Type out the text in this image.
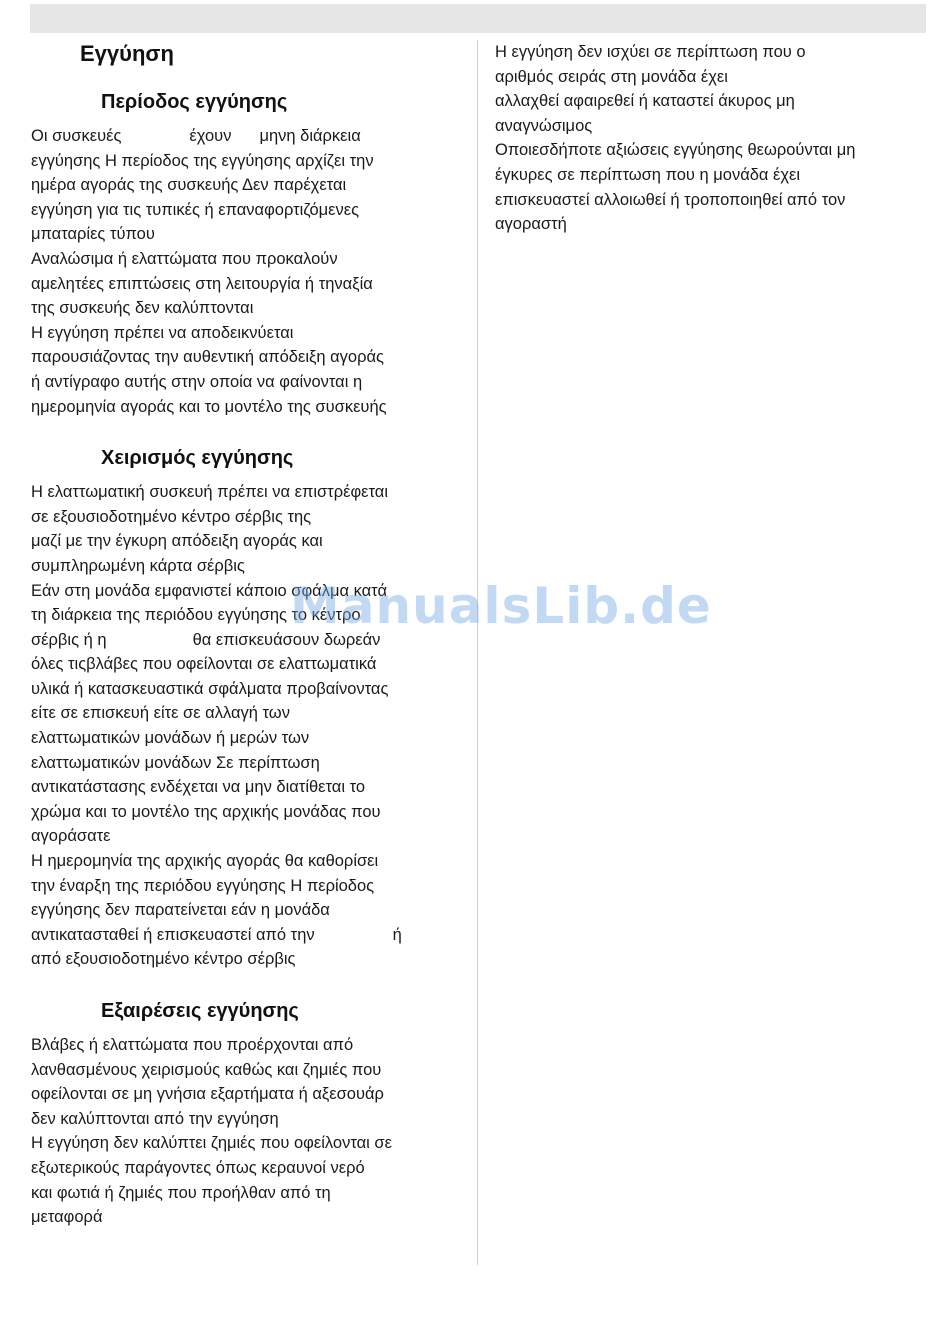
Εγγύηση
Περίοδος εγγύησης
Οι συσκευές	έχουν μηνη διάρκεια
εγγύησης Η περίοδος της εγγύησης αρχίζει την
ημέρα αγοράς της συσκευής Δεν παρέχεται
εγγύηση για τις τυπικές ή επαναφορτιζόμενες
μπαταρίες τύπου
Αναλώσιμα ή ελαττώματα που προκαλούν
αμελητέες επιπτώσεις στη λειτουργία ή τηναξία
της συσκευής δεν καλύπτονται
Η εγγύηση πρέπει να αποδεικνύεται
παρουσιάζοντας την αυθεντική απόδειξη αγοράς
ή αντίγραφο αυτής στην οποία να φαίνονται η
ημερομηνία αγοράς και το μοντέλο της συσκευής
Χειρισμός εγγύησης
Η ελαττωματική συσκευή πρέπει να επιστρέφεται
σε εξουσιοδοτημένο κέντρο σέρβις της
μαζί με την έγκυρη απόδειξη αγοράς και
συμπληρωμένη κάρτα σέρβις
Εάν στη μονάδα εμφανιστεί κάποιο σφάλμα κατά
τη διάρκεια της περιόδου εγγύησης το κέντρο
σέρβις ή η	θα επισκευάσουν δωρεάν
όλες τιςβλάβες που οφείλονται σε ελαττωματικά
υλικά ή κατασκευαστικά σφάλματα προβαίνοντας
είτε σε επισκευή είτε σε αλλαγή των
ελαττωματικών μονάδων ή μερών των
ελαττωματικών μονάδων Σε περίπτωση
αντικατάστασης ενδέχεται να μην διατίθεται το
χρώμα και το μοντέλο της αρχικής μονάδας που
αγοράσατε
Η ημερομηνία της αρχικής αγοράς θα καθορίσει
την έναρξη της περιόδου εγγύησης Η περίοδος
εγγύησης δεν παρατείνεται εάν η μονάδα
αντικατασταθεί ή επισκευαστεί από την	ή
από εξουσιοδοτημένο κέντρο σέρβις
Εξαιρέσεις εγγύησης
Βλάβες ή ελαττώματα που προέρχονται από
λανθασμένους χειρισμούς καθώς και ζημιές που
οφείλονται σε μη γνήσια εξαρτήματα ή αξεσουάρ
δεν καλύπτονται από την εγγύηση
Η εγγύηση δεν καλύπτει ζημιές που οφείλονται σε
εξωτερικούς παράγοντες όπως κεραυνοί νερό
και φωτιά ή ζημιές που προήλθαν από τη
μεταφορά
Η εγγύηση δεν ισχύει σε περίπτωση που ο
αριθμός σειράς στη μονάδα έχει
αλλαχθεί αφαιρεθεί ή καταστεί άκυρος μη
αναγνώσιμος
Οποιεσδήποτε αξιώσεις εγγύησης θεωρούνται μη
έγκυρες σε περίπτωση που η μονάδα έχει
επισκευαστεί αλλοιωθεί ή τροποποιηθεί από τον
αγοραστή
ManualsLib.de
